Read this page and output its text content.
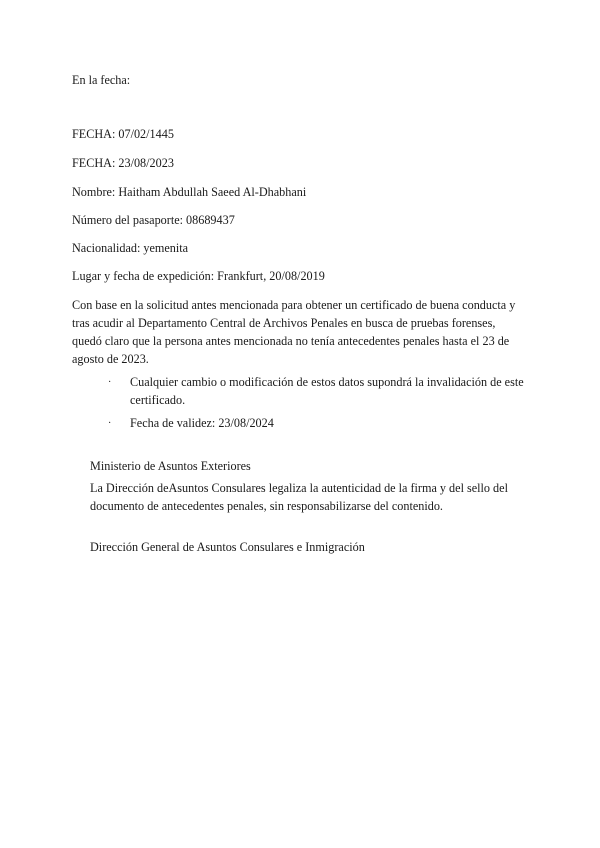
En la fecha:
FECHA: 07/02/1445
FECHA: 23/08/2023
Nombre: Haitham Abdullah Saeed Al-Dhabhani
Número del pasaporte: 08689437
Nacionalidad: yemenita
Lugar y fecha de expedición: Frankfurt, 20/08/2019
Con base en la solicitud antes mencionada para obtener un certificado de buena conducta y tras acudir al Departamento Central de Archivos Penales en busca de pruebas forenses, quedó claro que la persona antes mencionada no tenía antecedentes penales hasta el 23 de agosto de 2023.
·	Cualquier cambio o modificación de estos datos supondrá la invalidación de este certificado.
·	Fecha de validez: 23/08/2024
Ministerio de Asuntos Exteriores
La Dirección deAsuntos Consulares legaliza la autenticidad de la firma y del sello del documento de antecedentes penales, sin responsabilizarse del contenido.
Dirección General de Asuntos Consulares e Inmigración
